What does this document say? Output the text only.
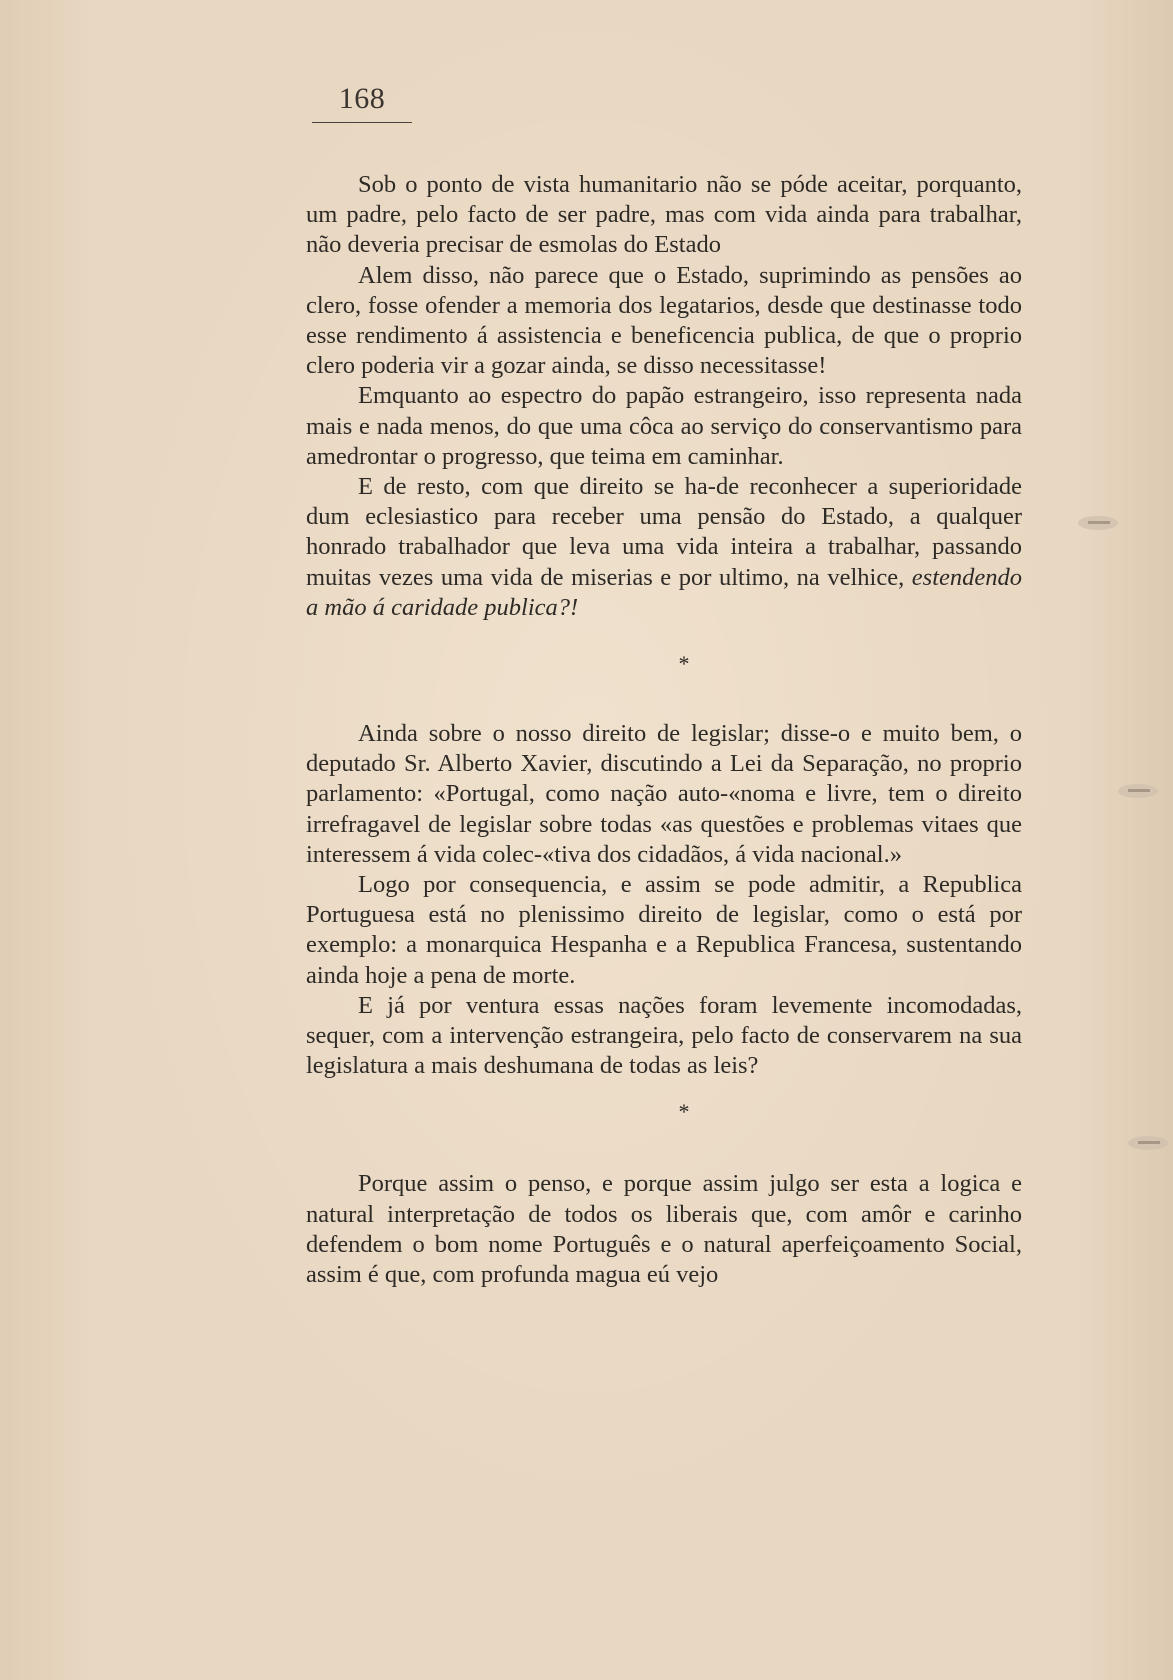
168

Sob o ponto de vista humanitario não se póde aceitar, porquanto, um padre, pelo facto de ser padre, mas com vida ainda para trabalhar, não deveria precisar de esmolas do Estado

Alem disso, não parece que o Estado, suprimindo as pensões ao clero, fosse ofender a memoria dos legatarios, desde que destinasse todo esse rendimento á assistencia e beneficencia publica, de que o proprio clero poderia vir a gozar ainda, se disso necessitasse!

Emquanto ao espectro do papão estrangeiro, isso representa nada mais e nada menos, do que uma côca ao serviço do conservantismo para amedrontar o progresso, que teima em caminhar.

E de resto, com que direito se ha-de reconhecer a superioridade dum eclesiastico para receber uma pensão do Estado, a qualquer honrado trabalhador que leva uma vida inteira a trabalhar, passando muitas vezes uma vida de miserias e por ultimo, na velhice, estendendo a mão á caridade publica?!

*

Ainda sobre o nosso direito de legislar; disse-o e muito bem, o deputado Sr. Alberto Xavier, discutindo a Lei da Separação, no proprio parlamento: «Portugal, como nação auto-«noma e livre, tem o direito irrefragavel de legislar sobre todas «as questões e problemas vitaes que interessem á vida colec-«tiva dos cidadãos, á vida nacional.»

Logo por consequencia, e assim se pode admitir, a Republica Portuguesa está no plenissimo direito de legislar, como o está por exemplo: a monarquica Hespanha e a Republica Francesa, sustentando ainda hoje a pena de morte.

E já por ventura essas nações foram levemente incomodadas, sequer, com a intervenção estrangeira, pelo facto de conservarem na sua legislatura a mais deshumana de todas as leis?

*

Porque assim o penso, e porque assim julgo ser esta a logica e natural interpretação de todos os liberais que, com amôr e carinho defendem o bom nome Português e o natural aperfeiçoamento Social, assim é que, com profunda magua eú vejo
